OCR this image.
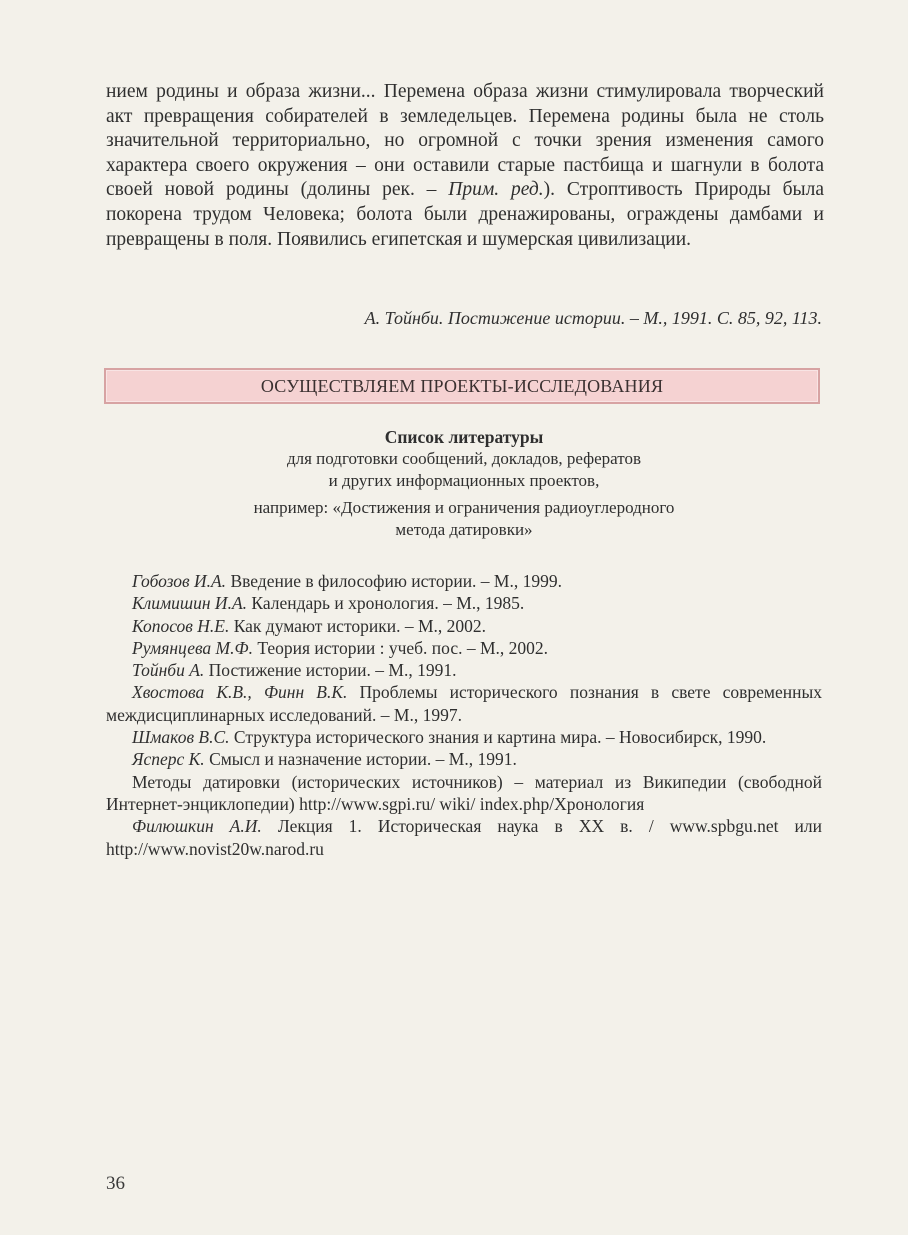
нием родины и образа жизни... Перемена образа жизни стимулировала творческий акт превращения собирателей в земледельцев. Перемена родины была не столь значительной территориально, но огромной с точки зрения изменения самого характера своего окружения – они оставили старые пастбища и шагнули в болота своей новой родины (долины рек. – Прим. ред.). Строптивость Природы была покорена трудом Человека; болота были дренажированы, ограждены дамбами и превращены в поля. Появились египетская и шумерская цивилизации.

А. Тойнби. Постижение истории. – М., 1991. С. 85, 92, 113.
ОСУЩЕСТВЛЯЕМ ПРОЕКТЫ-ИССЛЕДОВАНИЯ
Список литературы
для подготовки сообщений, докладов, рефератов
и других информационных проектов,
например: «Достижения и ограничения радиоуглеродного
метода датировки»

Гобозов И.А. Введение в философию истории. – М., 1999.

Климишин И.А. Календарь и хронология. – М., 1985.

Копосов Н.Е. Как думают историки. – М., 2002.

Румянцева М.Ф. Теория истории : учеб. пос. – М., 2002.

Тойнби А. Постижение истории. – М., 1991.

Хвостова К.В., Финн В.К. Проблемы исторического познания в свете современных междисциплинарных исследований. – М., 1997.

Шмаков В.С. Структура исторического знания и картина мира. – Новосибирск, 1990.

Ясперс К. Смысл и назначение истории. – М., 1991.

Методы датировки (исторических источников) – материал из Википедии (свободной Интернет-энциклопедии) http://www.sgpi.ru/ wiki/ index.php/Хронология

Филюшкин А.И. Лекция 1. Историческая наука в XX в. / www.spbgu.net или http://www.novist20w.narod.ru

36
